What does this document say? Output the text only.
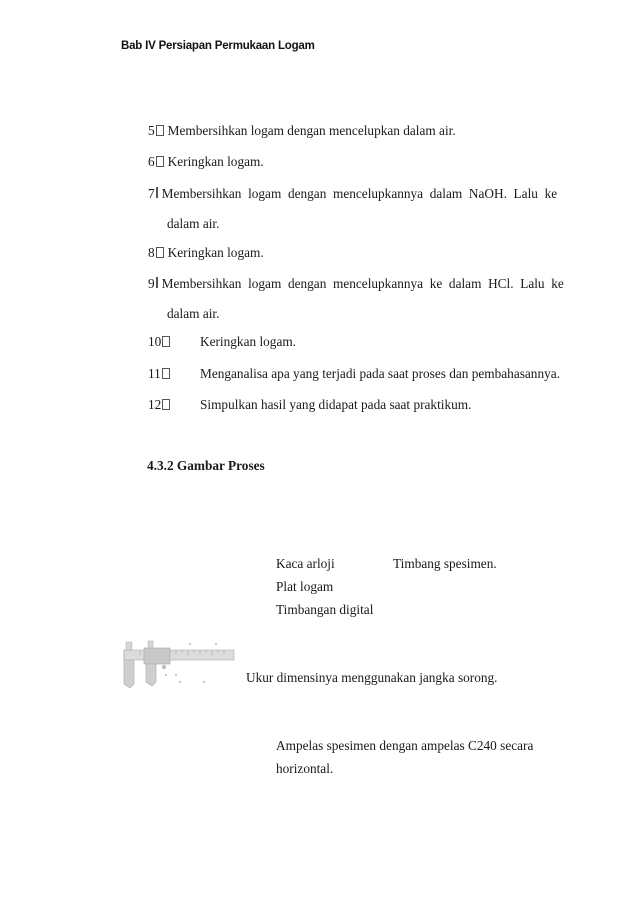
Bab IV Persiapan Permukaan Logam
5 Membersihkan logam dengan mencelupkan dalam air.
6 Keringkan logam.
7 Membersihkan  logam  dengan  mencelupkannya  dalam  NaOH.  Lalu  ke
dalam air.
8 Keringkan logam.
9 Membersihkan  logam  dengan  mencelupkannya  ke  dalam  HCl.  Lalu  ke
dalam air.
10	Keringkan logam.
11	Menganalisa apa yang terjadi pada saat proses dan pembahasannya.
12	Simpulkan hasil yang didapat pada saat praktikum.
4.3.2 Gambar Proses
Kaca arloji	Timbang spesimen.
Plat logam
Timbangan digital
Ukur dimensinya menggunakan jangka sorong.
Ampelas spesimen dengan ampelas C240 secara
horizontal.
